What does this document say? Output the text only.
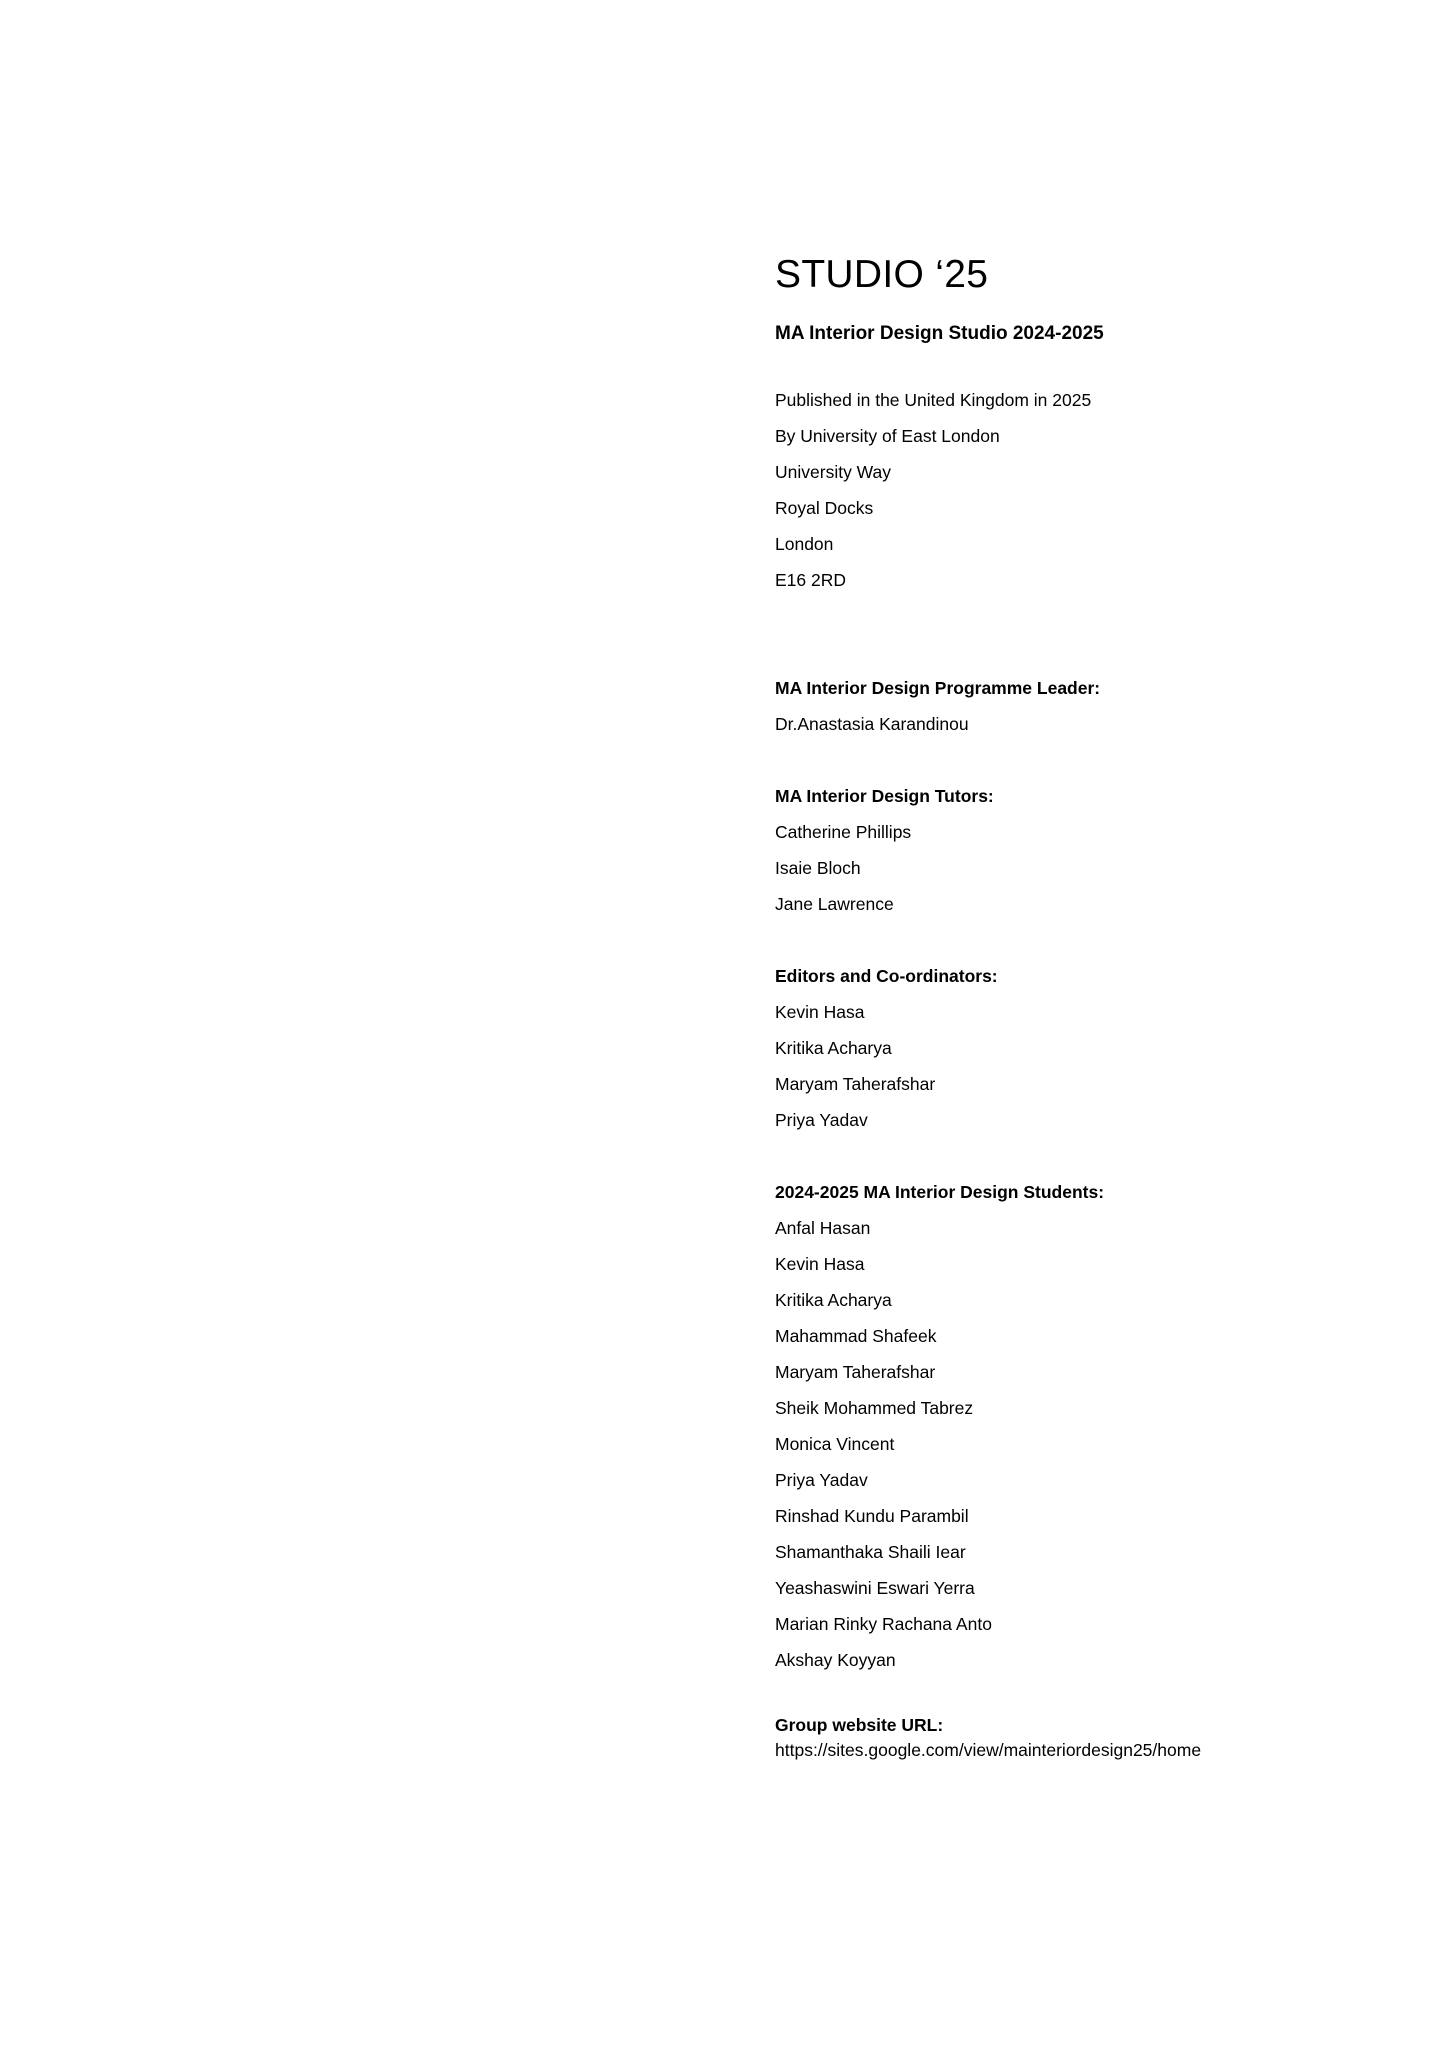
STUDIO ‘25
MA Interior Design Studio 2024-2025
Published in the United Kingdom in 2025
By University of East London
University Way
Royal Docks
London
E16 2RD
MA Interior Design Programme Leader:
Dr.Anastasia Karandinou
MA Interior Design Tutors:
Catherine Phillips
Isaie Bloch
Jane Lawrence
Editors and Co-ordinators:
Kevin Hasa
Kritika Acharya
Maryam Taherafshar
Priya Yadav
2024-2025 MA Interior Design Students:
Anfal Hasan
Kevin Hasa
Kritika Acharya
Mahammad Shafeek
Maryam Taherafshar
Sheik Mohammed Tabrez
Monica Vincent
Priya Yadav
Rinshad Kundu Parambil
Shamanthaka Shaili Iear
Yeashaswini Eswari Yerra
Marian Rinky Rachana Anto
Akshay Koyyan
Group website URL:
https://sites.google.com/view/mainteriordesign25/home
